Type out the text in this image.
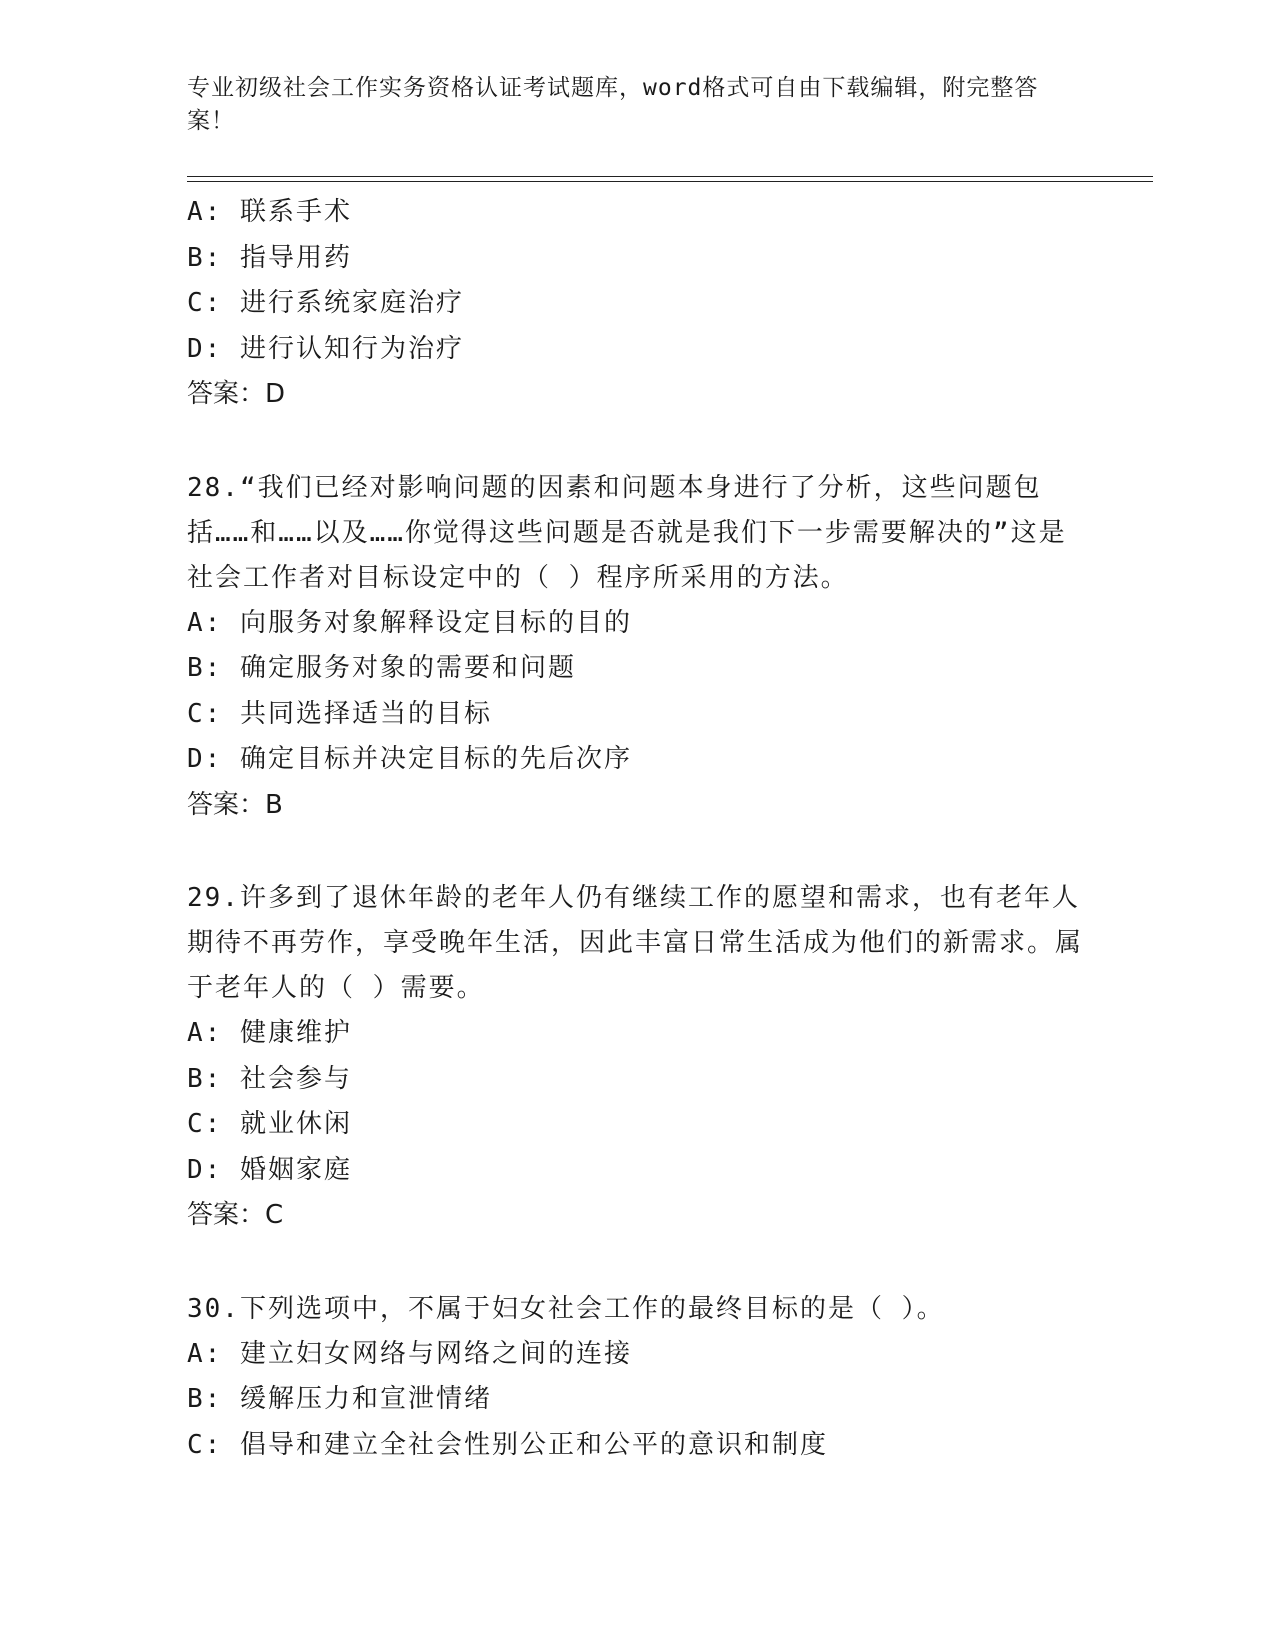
专业初级社会工作实务资格认证考试题库，word格式可自由下载编辑，附完整答案！

A: 联系手术

B: 指导用药

C: 进行系统家庭治疗

D: 进行认知行为治疗

答案：D

28.“我们已经对影响问题的因素和问题本身进行了分析，这些问题包括……和……以及……你觉得这些问题是否就是我们下一步需要解决的”这是社会工作者对目标设定中的（ ）程序所采用的方法。

A: 向服务对象解释设定目标的目的

B: 确定服务对象的需要和问题

C: 共同选择适当的目标

D: 确定目标并决定目标的先后次序

答案：B

29.许多到了退休年龄的老年人仍有继续工作的愿望和需求，也有老年人期待不再劳作，享受晚年生活，因此丰富日常生活成为他们的新需求。属于老年人的（ ）需要。

A: 健康维护

B: 社会参与

C: 就业休闲

D: 婚姻家庭

答案：C

30.下列选项中，不属于妇女社会工作的最终目标的是（ ）。

A: 建立妇女网络与网络之间的连接

B: 缓解压力和宣泄情绪

C: 倡导和建立全社会性别公正和公平的意识和制度
